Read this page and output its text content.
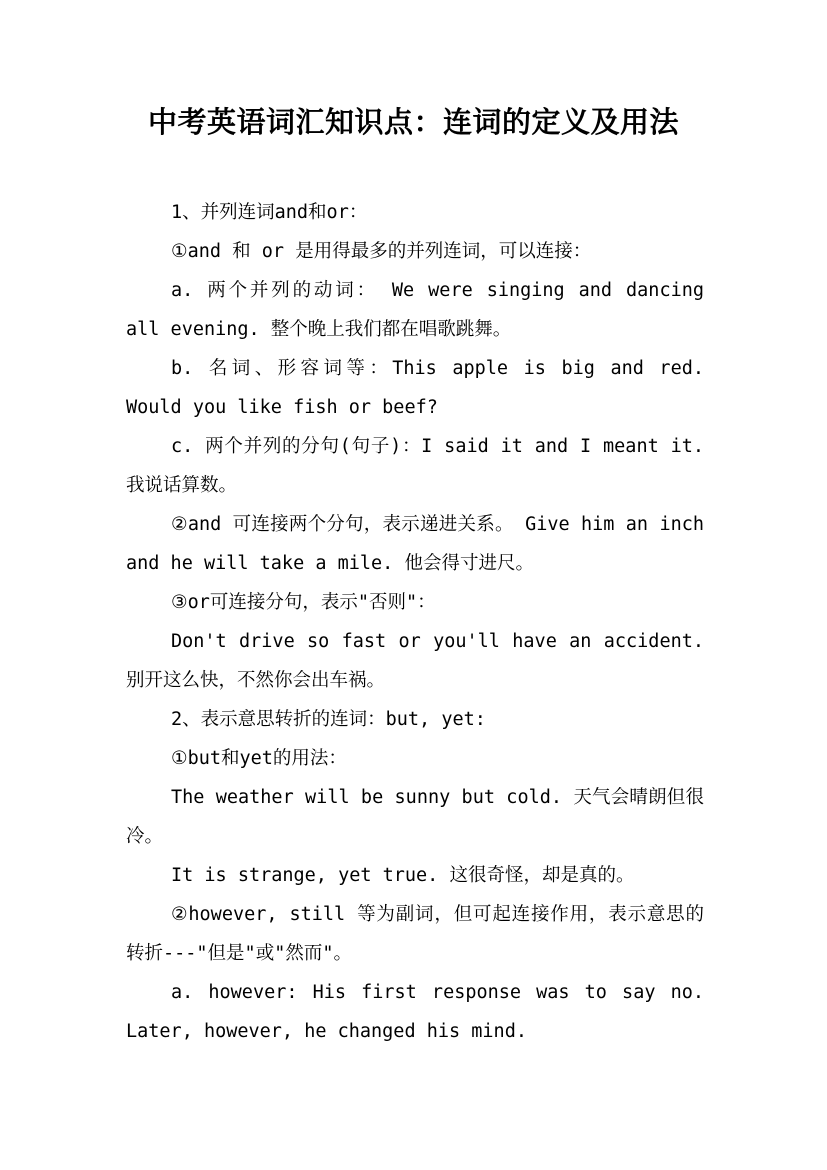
中考英语词汇知识点：连词的定义及用法

1、并列连词and和or：

①and 和 or 是用得最多的并列连词，可以连接：

a. 两个并列的动词： We were singing and dancing all evening. 整个晚上我们都在唱歌跳舞。

b. 名词、形容词等：This apple is big and red. Would you like fish or beef?

c. 两个并列的分句(句子)：I said it and I meant it. 我说话算数。

②and 可连接两个分句，表示递进关系。 Give him an inch and he will take a mile. 他会得寸进尺。

③or可连接分句，表示"否则"：

Don't drive so fast or you'll have an accident. 别开这么快，不然你会出车祸。

2、表示意思转折的连词：but, yet:

①but和yet的用法：

The weather will be sunny but cold. 天气会晴朗但很冷。

It is strange, yet true. 这很奇怪，却是真的。

②however, still 等为副词，但可起连接作用，表示意思的转折---"但是"或"然而"。

a. however: His first response was to say no. Later, however, he changed his mind.
